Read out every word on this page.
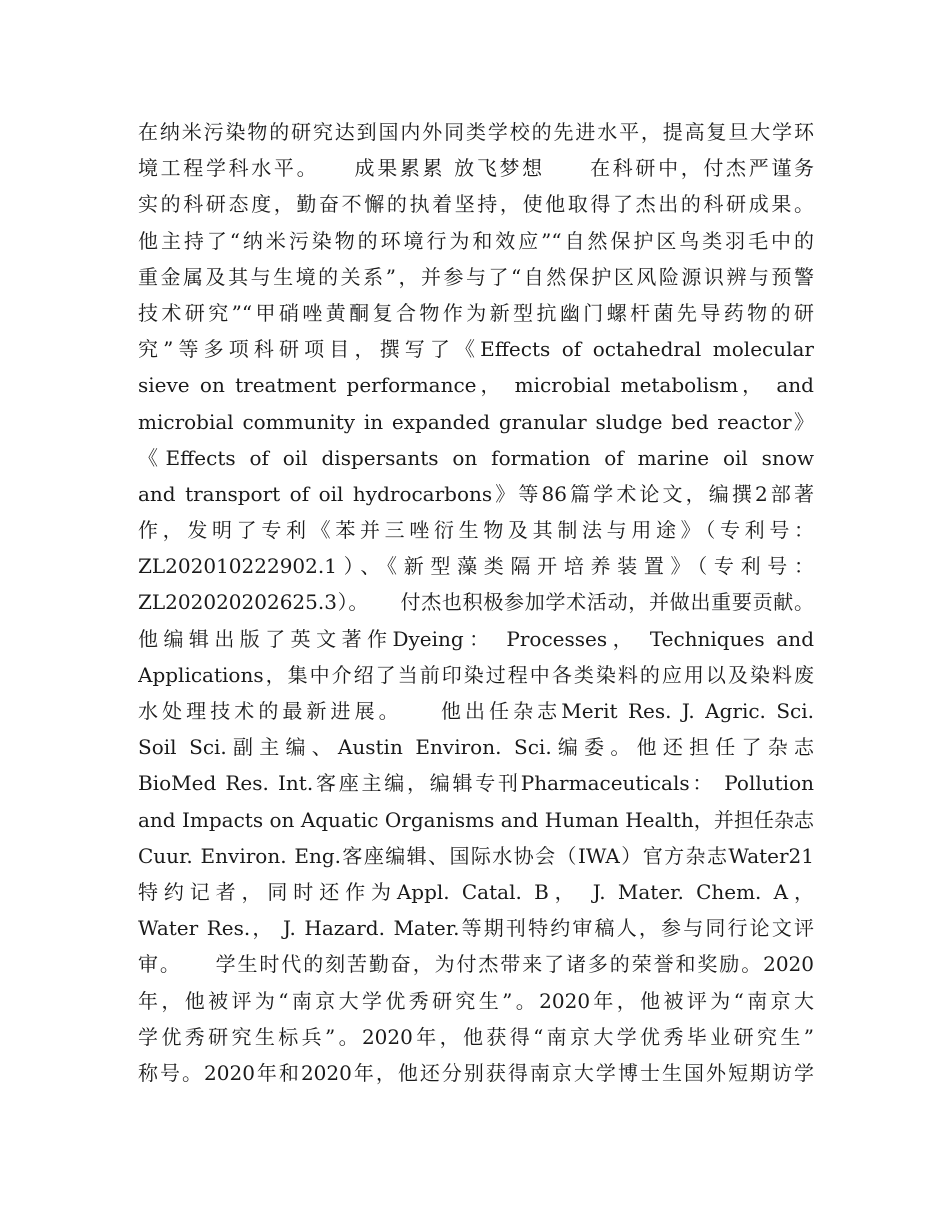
在纳米污染物的研究达到国内外同类学校的先进水平，提高复旦大学环
境工程学科水平。　　成果累累 放飞梦想　　在科研中，付杰严谨务
实的科研态度，勤奋不懈的执着坚持，使他取得了杰出的科研成果。
他主持了“纳米污染物的环境行为和效应”“自然保护区鸟类羽毛中的
重金属及其与生境的关系”，并参与了“自然保护区风险源识辨与预警
技术研究”“甲硝唑黄酮复合物作为新型抗幽门螺杆菌先导药物的研
究”等多项科研项目，撰写了《Effects of octahedral molecular
sieve on treatment performance， microbial metabolism， and
microbial community in expanded granular sludge bed reactor》
《Effects of oil dispersants on formation of marine oil snow
and transport of oil hydrocarbons》等86篇学术论文，编撰2部著
作，发明了专利《苯并三唑衍生物及其制法与用途》（专利号：
ZL202010222902.1）、《新型藻类隔开培养装置》（专利号：
ZL202020202625.3）。　　付杰也积极参加学术活动，并做出重要贡献。
他编辑出版了英文著作Dyeing： Processes， Techniques and
Applications，集中介绍了当前印染过程中各类染料的应用以及染料废
水处理技术的最新进展。　　他出任杂志Merit Res. J. Agric. Sci.
Soil Sci.副主编、Austin Environ. Sci.编委。他还担任了杂志
BioMed Res. Int.客座主编，编辑专刊Pharmaceuticals： Pollution
and Impacts on Aquatic Organisms and Human Health，并担任杂志
Cuur. Environ. Eng.客座编辑、国际水协会（IWA）官方杂志Water21
特约记者，同时还作为Appl. Catal. B， J. Mater. Chem. A，
Water Res.， J. Hazard. Mater.等期刊特约审稿人，参与同行论文评
审。　　学生时代的刻苦勤奋，为付杰带来了诸多的荣誉和奖励。2020
年，他被评为“南京大学优秀研究生”。2020年，他被评为“南京大
学优秀研究生标兵”。2020年，他获得“南京大学优秀毕业研究生”
称号。2020年和2020年，他还分别获得南京大学博士生国外短期访学
